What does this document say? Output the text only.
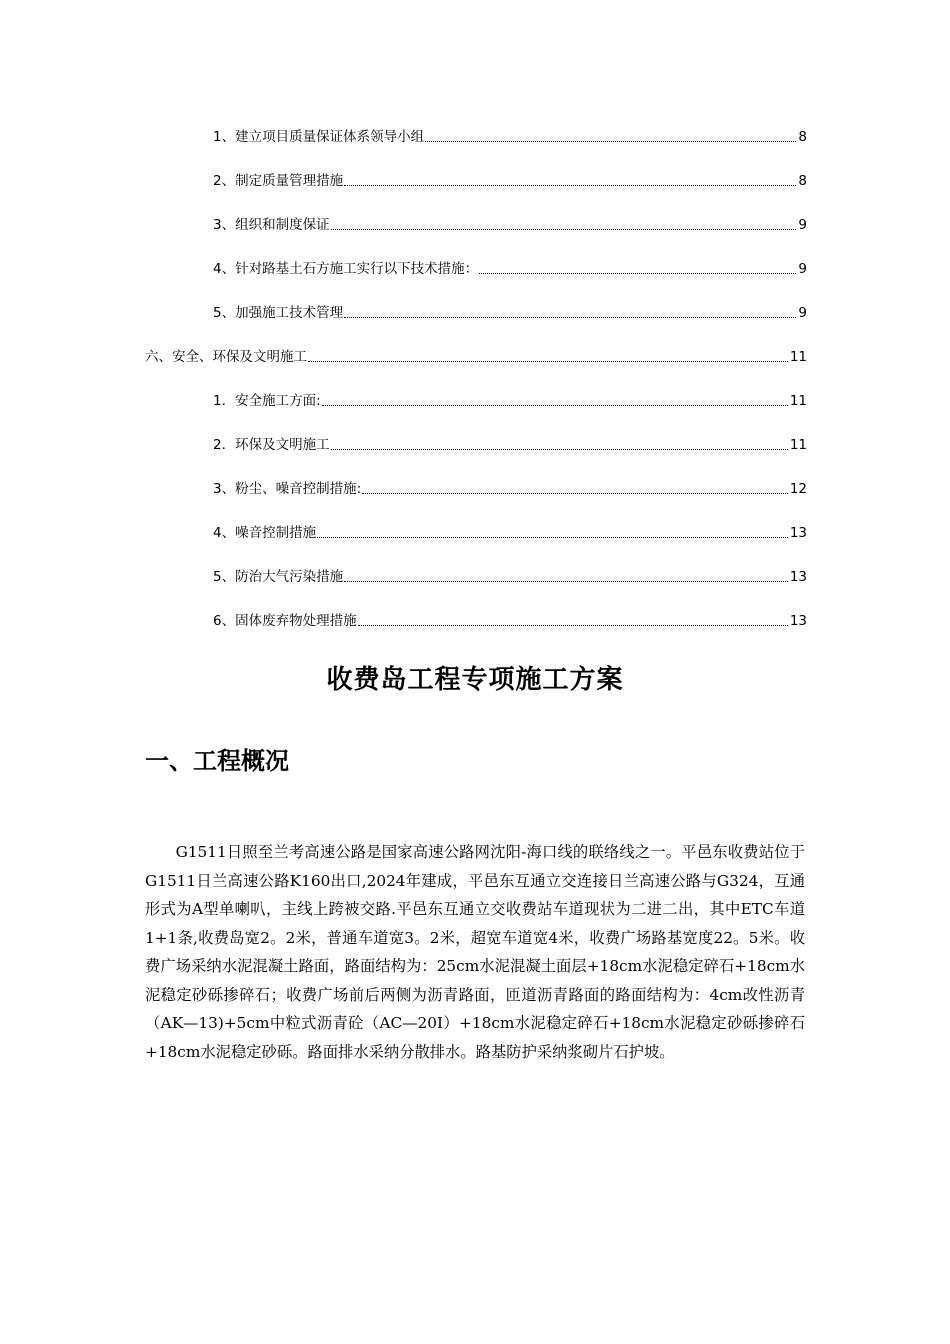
1、建立项目质量保证体系领导小组	8
2、制定质量管理措施	8
3、组织和制度保证	9
4、针对路基土石方施工实行以下技术措施：	9
5、加强施工技术管理	9
六、安全、环保及文明施工	11
1．安全施工方面:	11
2．环保及文明施工	11
3、粉尘、噪音控制措施:	12
4、噪音控制措施	13
5、防治大气污染措施	13
6、固体废弃物处理措施	13
收费岛工程专项施工方案
一、工程概况

G1511日照至兰考高速公路是国家高速公路网沈阳-海口线的联络线之一。平邑东收费站位于G1511日兰高速公路K160出口,2024年建成，平邑东互通立交连接日兰高速公路与G324，互通形式为A型单喇叭，主线上跨被交路.平邑东互通立交收费站车道现状为二进二出，其中ETC车道1+1条,收费岛宽2。2米，普通车道宽3。2米，超宽车道宽4米，收费广场路基宽度22。5米。收费广场采纳水泥混凝土路面，路面结构为：25cm水泥混凝土面层+18cm水泥稳定碎石+18cm水泥稳定砂砾掺碎石；收费广场前后两侧为沥青路面，匝道沥青路面的路面结构为：4cm改性沥青（AK—13)+5cm中粒式沥青砼（AC—20I）+18cm水泥稳定碎石+18cm水泥稳定砂砾掺碎石+18cm水泥稳定砂砾。路面排水采纳分散排水。路基防护采纳浆砌片石护坡。
